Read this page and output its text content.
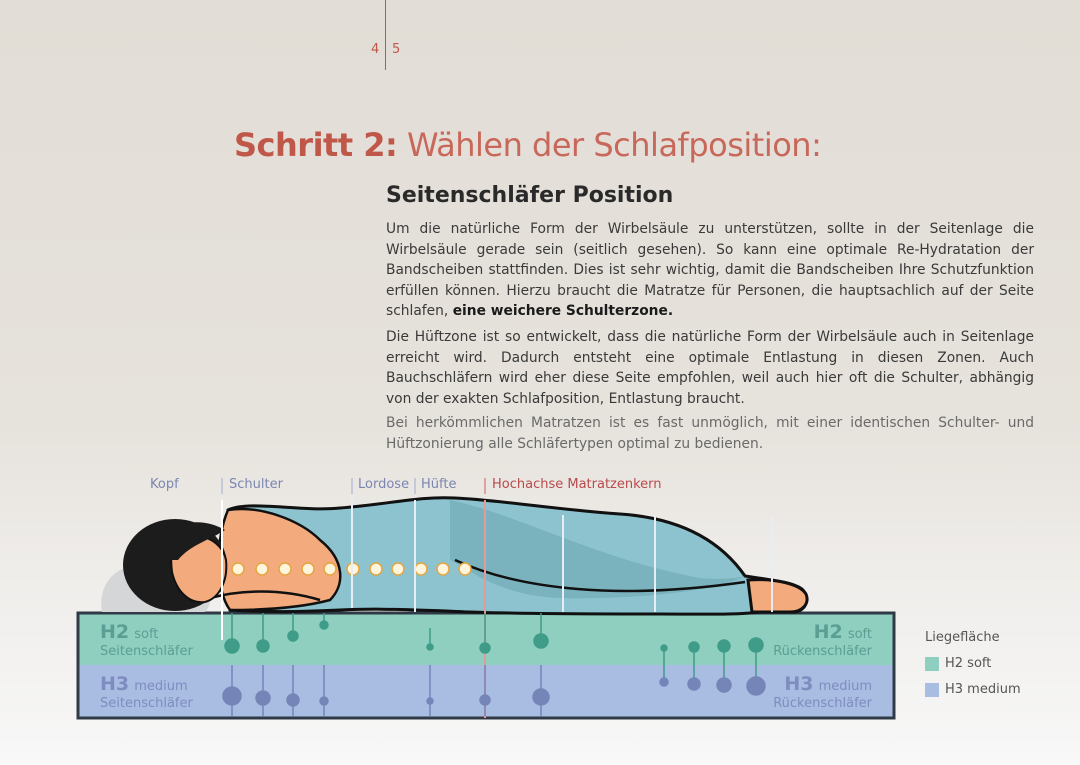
4 5
Schritt 2: Wählen der Schlafposition:
Seitenschläfer Position
Um die natürliche Form der Wirbelsäule zu unterstützen, sollte in der Seitenlage die Wirbelsäule gerade sein (seitlich gesehen). So kann eine optimale Re-Hydratation der Bandscheiben stattfinden. Dies ist sehr wichtig, damit die Bandscheiben Ihre Schutzfunktion erfüllen können. Hierzu braucht die Matratze für Personen, die hauptsachlich auf der Seite schlafen, eine weichere Schulterzone.
Die Hüftzone ist so entwickelt, dass die natürliche Form der Wirbelsäule auch in Seitenlage erreicht wird. Dadurch entsteht eine optimale Entlastung in diesen Zonen. Auch Bauchschläfern wird eher diese Seite empfohlen, weil auch hier oft die Schulter, abhängig von der exakten Schlafposition, Entlastung braucht.
Bei herkömmlichen Matratzen ist es fast unmöglich, mit einer identischen Schulter- und Hüftzonierung alle Schläfertypen optimal zu bedienen.
Kopf	Schulter	Lordose Hüfte	Hochachse Matratzenkern
H2 soft
Seitenschläfer
H3 medium
Seitenschläfer
H2 soft
Rückenschläfer
H3 medium
Rückenschläfer
Liegefläche
H2 soft
H3 medium
